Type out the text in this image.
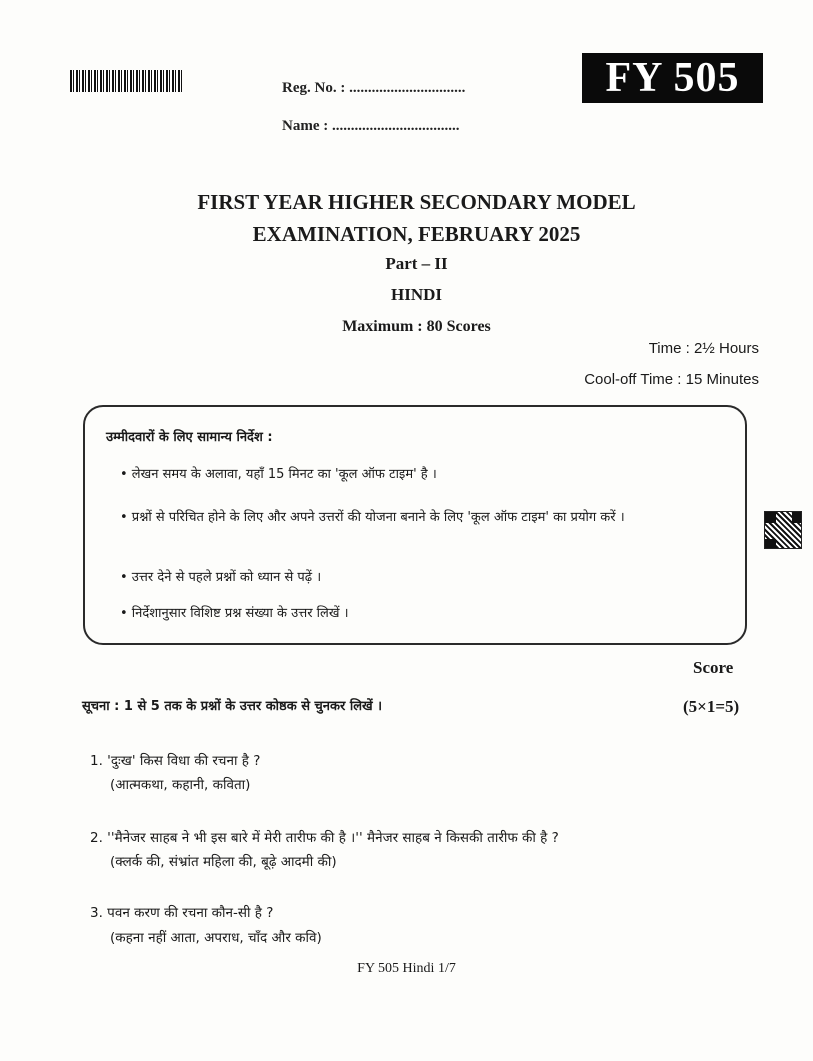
Reg. No. : ...............................
Name : ..................................
FY 505
FIRST YEAR HIGHER SECONDARY MODEL
EXAMINATION, FEBRUARY 2025
Part – II
HINDI
Maximum : 80 Scores
Time : 2½ Hours
Cool-off Time : 15 Minutes
उम्मीदवारों के लिए सामान्य निर्देश :
• लेखन समय के अलावा, यहाँ 15 मिनट का 'कूल ऑफ टाइम' है ।
• प्रश्नों से परिचित होने के लिए और अपने उत्तरों की योजना बनाने के लिए 'कूल ऑफ टाइम' का प्रयोग करें ।
• उत्तर देने से पहले प्रश्नों को ध्यान से पढ़ें ।
• निर्देशानुसार विशिष्ट प्रश्न संख्या के उत्तर लिखें ।
Score
सूचना : 1 से 5 तक के प्रश्नों के उत्तर कोष्ठक से चुनकर लिखें ।	(5×1=5)
1. 'दुःख' किस विधा की रचना है ?
(आत्मकथा, कहानी, कविता)
2. ''मैनेजर साहब ने भी इस बारे में मेरी तारीफ की है ।'' मैनेजर साहब ने किसकी तारीफ की है ?
(क्लर्क की, संभ्रांत महिला की, बूढ़े आदमी की)
3. पवन करण की रचना कौन-सी है ?
(कहना नहीं आता, अपराध, चाँद और कवि)
FY 505 Hindi 1/7
